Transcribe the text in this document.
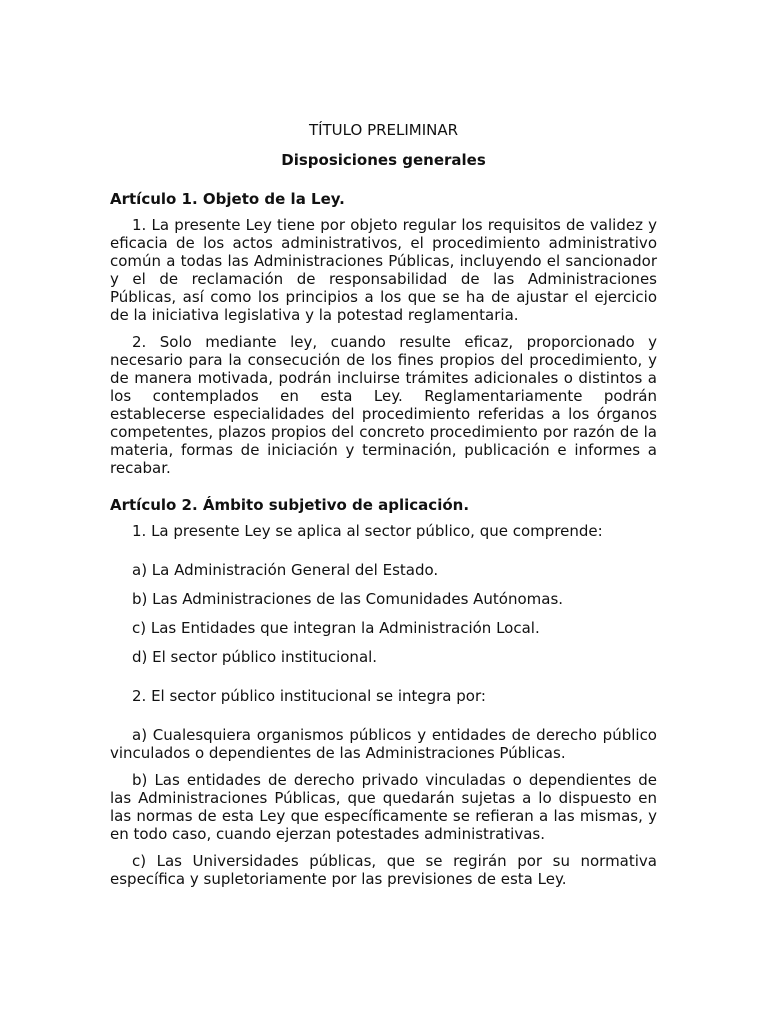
TÍTULO PRELIMINAR

Disposiciones generales

Artículo 1. Objeto de la Ley.

1. La presente Ley tiene por objeto regular los requisitos de validez y eficacia de los actos administrativos, el procedimiento administrativo común a todas las Administraciones Públicas, incluyendo el sancionador y el de reclamación de responsabilidad de las Administraciones Públicas, así como los principios a los que se ha de ajustar el ejercicio de la iniciativa legislativa y la potestad reglamentaria.

2. Solo mediante ley, cuando resulte eficaz, proporcionado y necesario para la consecución de los fines propios del procedimiento, y de manera motivada, podrán incluirse trámites adicionales o distintos a los contemplados en esta Ley. Reglamentariamente podrán establecerse especialidades del procedimiento referidas a los órganos competentes, plazos propios del concreto procedimiento por razón de la materia, formas de iniciación y terminación, publicación e informes a recabar.

Artículo 2. Ámbito subjetivo de aplicación.

1. La presente Ley se aplica al sector público, que comprende:

a) La Administración General del Estado.

b) Las Administraciones de las Comunidades Autónomas.

c) Las Entidades que integran la Administración Local.

d) El sector público institucional.

2. El sector público institucional se integra por:

a) Cualesquiera organismos públicos y entidades de derecho público vinculados o dependientes de las Administraciones Públicas.

b) Las entidades de derecho privado vinculadas o dependientes de las Administraciones Públicas, que quedarán sujetas a lo dispuesto en las normas de esta Ley que específicamente se refieran a las mismas, y en todo caso, cuando ejerzan potestades administrativas.

c) Las Universidades públicas, que se regirán por su normativa específica y supletoriamente por las previsiones de esta Ley.
